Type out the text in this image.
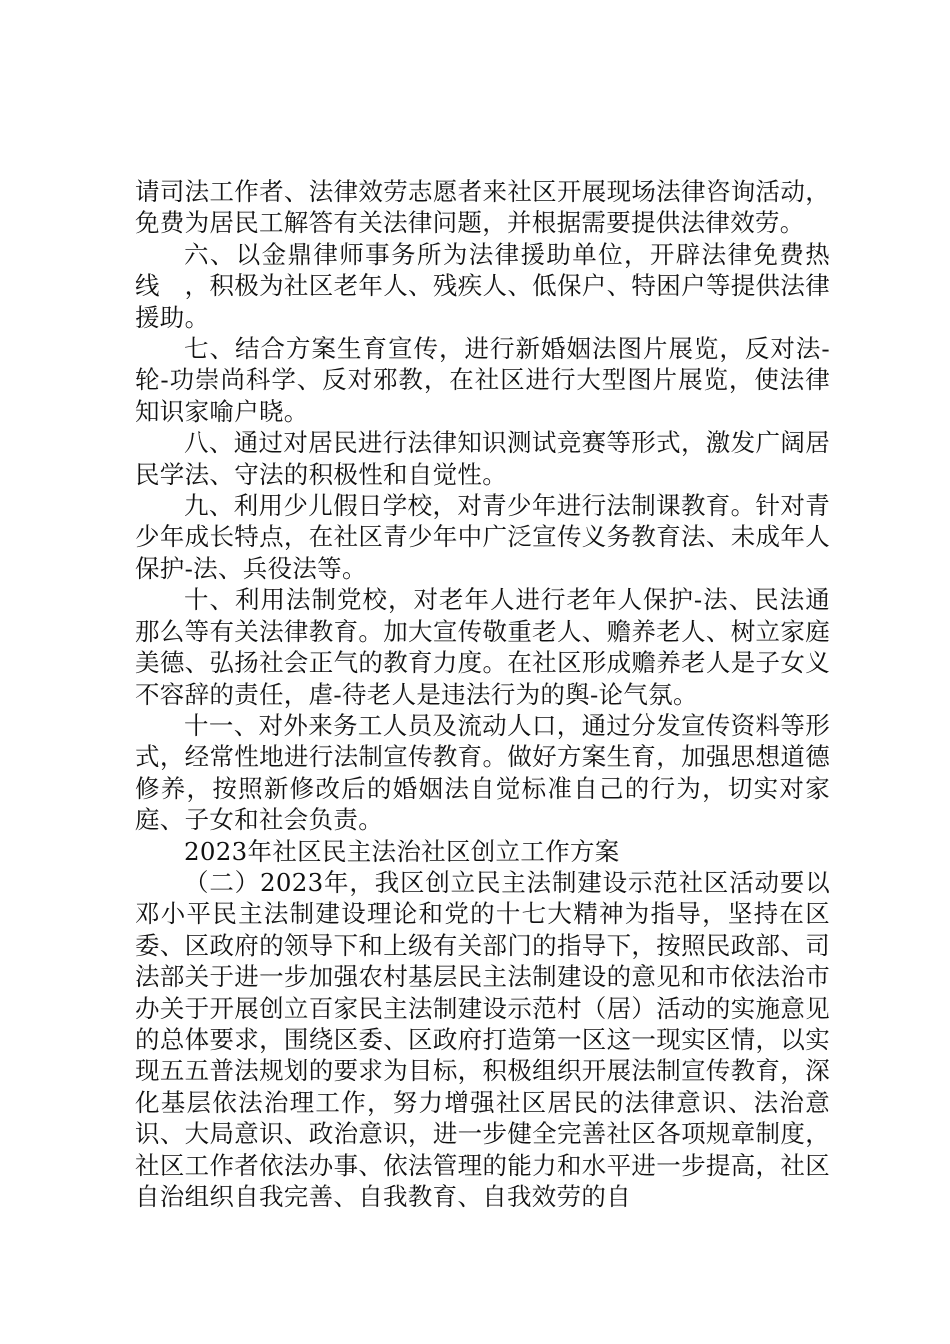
请司法工作者、法律效劳志愿者来社区开展现场法律咨询活动，免费为居民工解答有关法律问题，并根据需要提供法律效劳。

六、以金鼎律师事务所为法律援助单位，开辟法律免费热线　，积极为社区老年人、残疾人、低保户、特困户等提供法律援助。

七、结合方案生育宣传，进行新婚姻法图片展览，反对法-轮-功崇尚科学、反对邪教，在社区进行大型图片展览，使法律知识家喻户晓。

八、通过对居民进行法律知识测试竞赛等形式，激发广阔居民学法、守法的积极性和自觉性。

九、利用少儿假日学校，对青少年进行法制课教育。针对青少年成长特点，在社区青少年中广泛宣传义务教育法、未成年人保护-法、兵役法等。

十、利用法制党校，对老年人进行老年人保护-法、民法通那么等有关法律教育。加大宣传敬重老人、赡养老人、树立家庭美德、弘扬社会正气的教育力度。在社区形成赡养老人是子女义不容辞的责任，虐-待老人是违法行为的舆-论气氛。

十一、对外来务工人员及流动人口，通过分发宣传资料等形式，经常性地进行法制宣传教育。做好方案生育，加强思想道德修养，按照新修改后的婚姻法自觉标准自己的行为，切实对家庭、子女和社会负责。

2023年社区民主法治社区创立工作方案

（二）2023年，我区创立民主法制建设示范社区活动要以邓小平民主法制建设理论和党的十七大精神为指导，坚持在区委、区政府的领导下和上级有关部门的指导下，按照民政部、司法部关于进一步加强农村基层民主法制建设的意见和市依法治市办关于开展创立百家民主法制建设示范村（居）活动的实施意见的总体要求，围绕区委、区政府打造第一区这一现实区情，以实现五五普法规划的要求为目标，积极组织开展法制宣传教育，深化基层依法治理工作，努力增强社区居民的法律意识、法治意识、大局意识、政治意识，进一步健全完善社区各项规章制度，社区工作者依法办事、依法管理的能力和水平进一步提高，社区自治组织自我完善、自我教育、自我效劳的自
